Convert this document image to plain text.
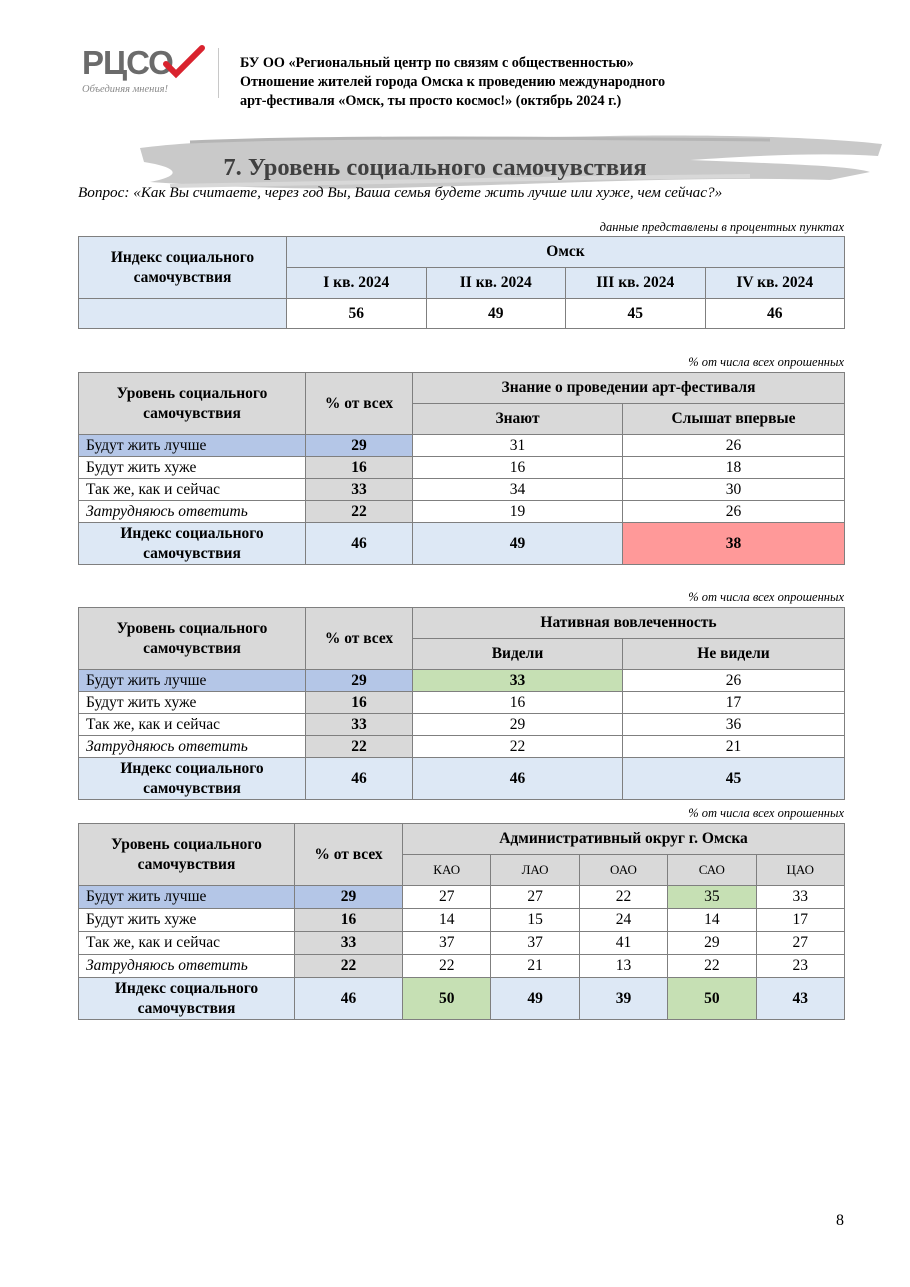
РЦСО
Объединяя мнения!
БУ ОО «Региональный центр по связям с общественностью»
Отношение жителей города Омска к проведению международного
арт-фестиваля «Омск, ты просто космос!» (октябрь 2024 г.)
7. Уровень социального самочувствия
Вопрос: «Как Вы считаете, через год Вы, Ваша семья будете жить лучше или хуже, чем сейчас?»
данные представлены в процентных пунктах
Индекс социального самочувствия	Омск			
	I кв. 2024	II кв. 2024	III кв. 2024	IV кв. 2024
	56	49	45	46
% от числа всех опрошенных
Уровень социального самочувствия	% от всех	Знание о проведении арт-фестиваля	
		Знают	Слышат впервые
Будут жить лучше	29	31	26
Будут жить хуже	16	16	18
Так же, как и сейчас	33	34	30
Затрудняюсь ответить	22	19	26
Индекс социального самочувствия	46	49	38
% от числа всех опрошенных
Уровень социального самочувствия	% от всех	Нативная вовлеченность	
		Видели	Не видели
Будут жить лучше	29	33	26
Будут жить хуже	16	16	17
Так же, как и сейчас	33	29	36
Затрудняюсь ответить	22	22	21
Индекс социального самочувствия	46	46	45
% от числа всех опрошенных
Уровень социального самочувствия	% от всех	Административный округ г. Омска				
		КАО	ЛАО	ОАО	САО	ЦАО
Будут жить лучше	29	27	27	22	35	33
Будут жить хуже	16	14	15	24	14	17
Так же, как и сейчас	33	37	37	41	29	27
Затрудняюсь ответить	22	22	21	13	22	23
Индекс социального самочувствия	46	50	49	39	50	43
8
